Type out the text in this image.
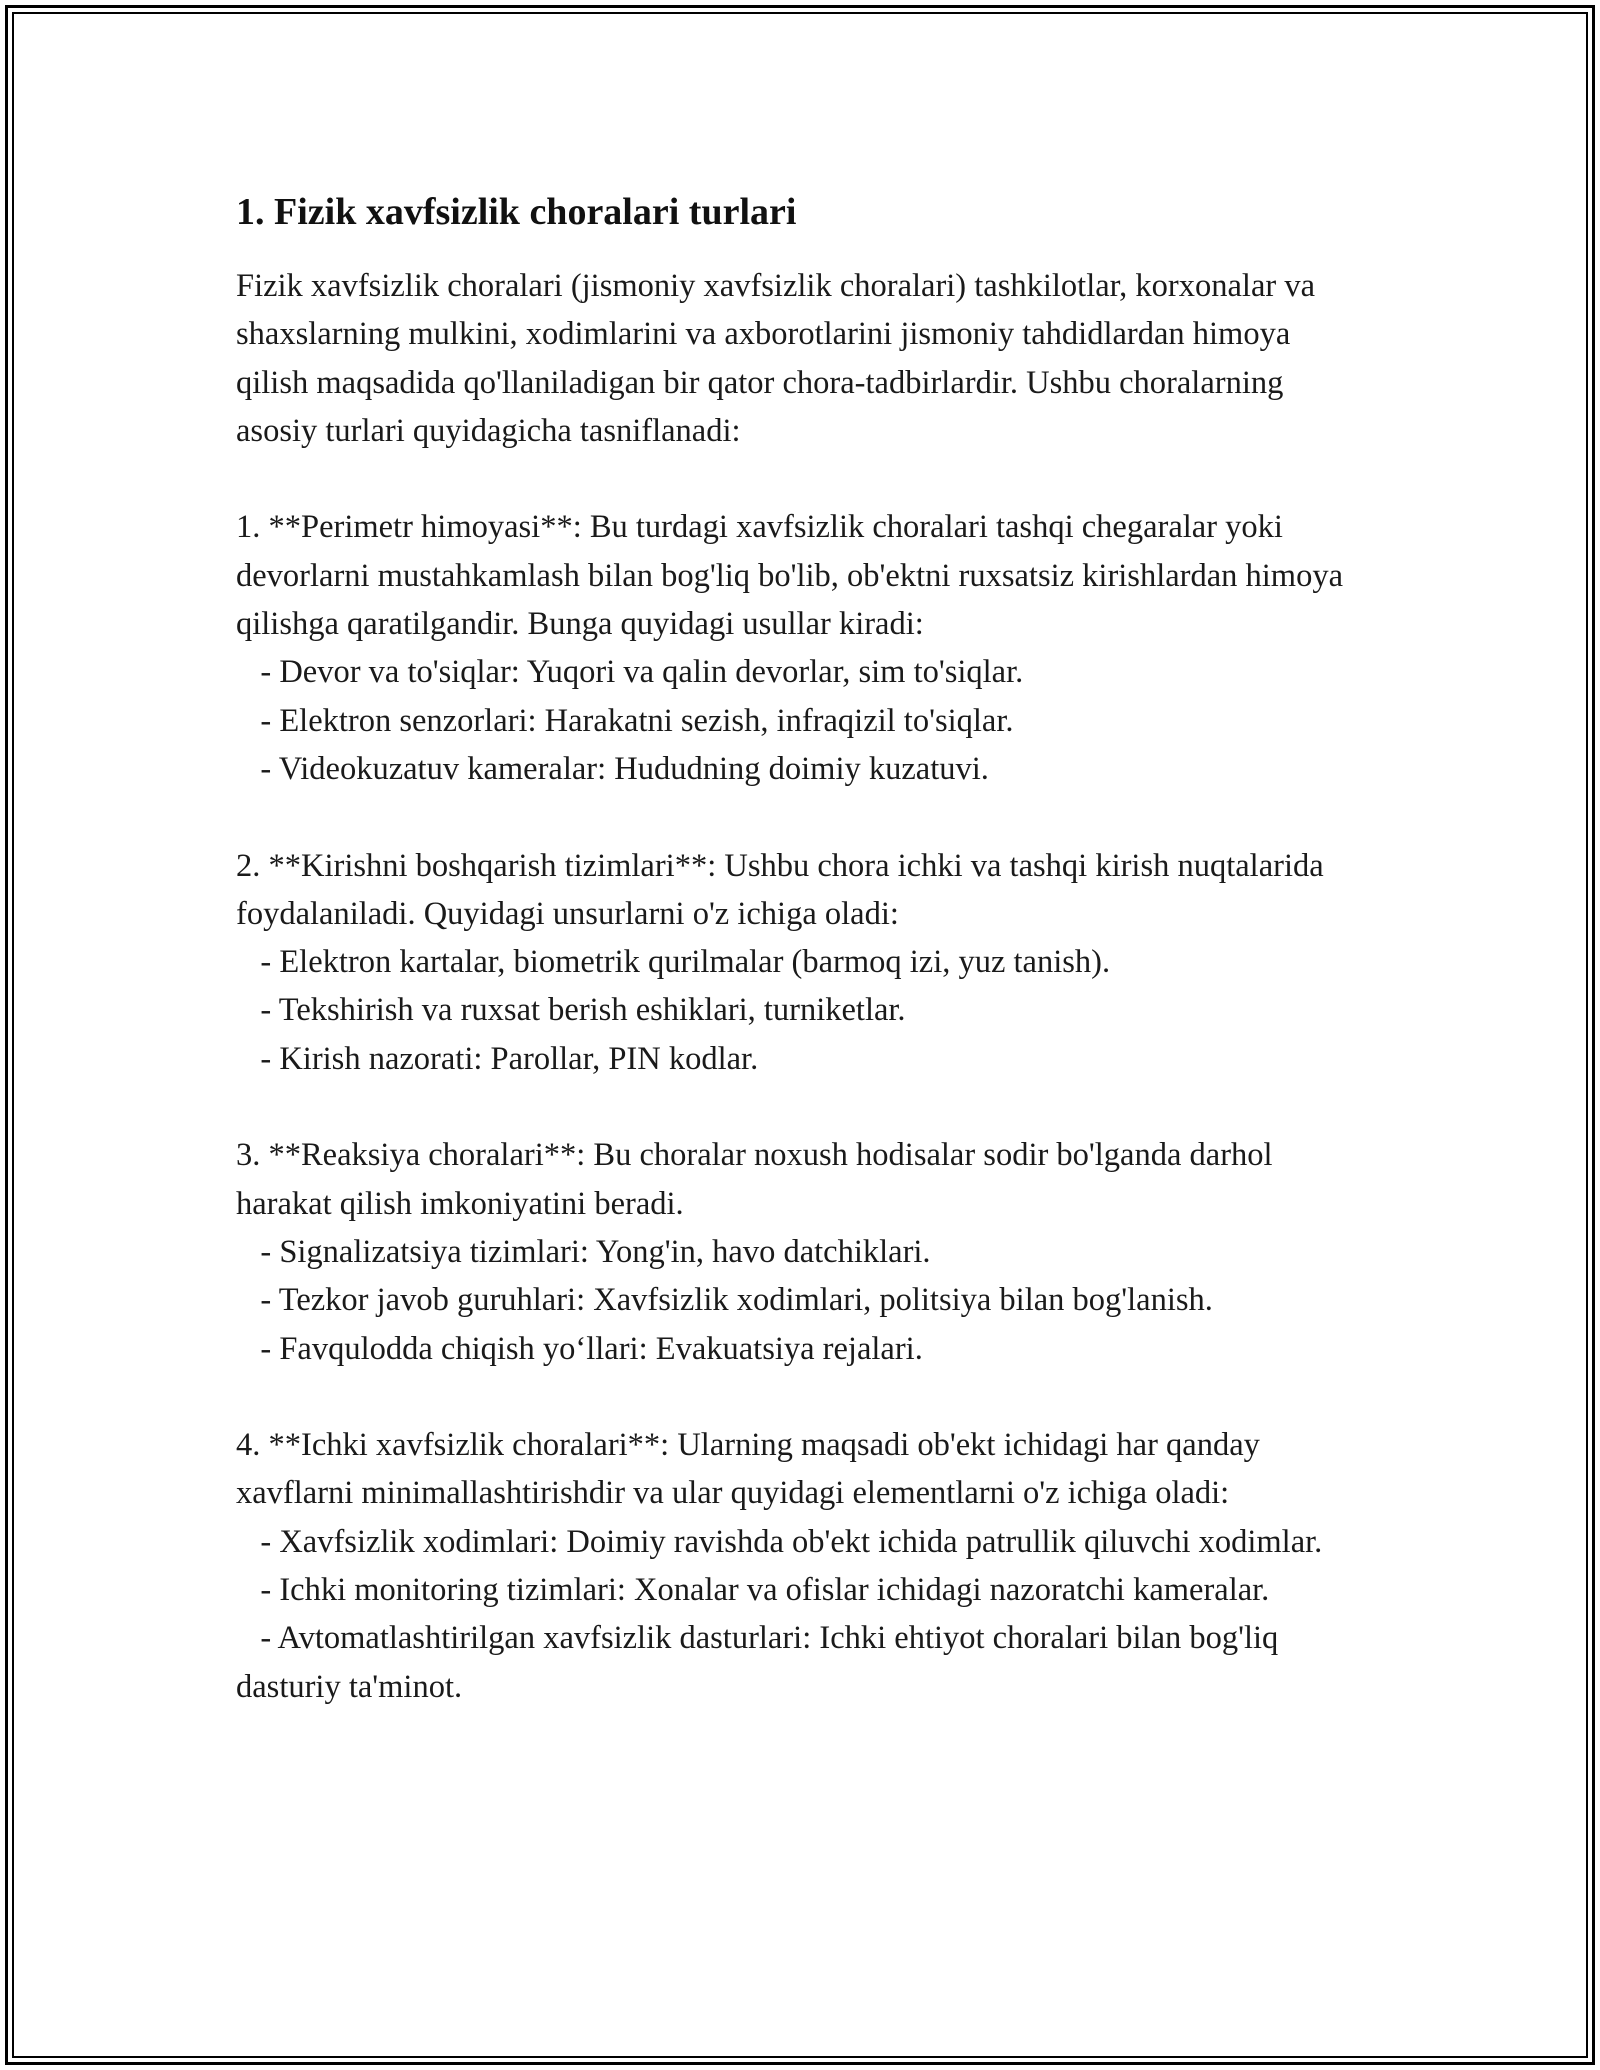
1. Fizik xavfsizlik choralari turlari

Fizik xavfsizlik choralari (jismoniy xavfsizlik choralari) tashkilotlar, korxonalar va shaxslarning mulkini, xodimlarini va axborotlarini jismoniy tahdidlardan himoya qilish maqsadida qo'llaniladigan bir qator chora-tadbirlardir. Ushbu choralarning asosiy turlari quyidagicha tasniflanadi:

1. **Perimetr himoyasi**: Bu turdagi xavfsizlik choralari tashqi chegaralar yoki devorlarni mustahkamlash bilan bog'liq bo'lib, ob'ektni ruxsatsiz kirishlardan himoya qilishga qaratilgandir. Bunga quyidagi usullar kiradi:

- Devor va to'siqlar: Yuqori va qalin devorlar, sim to'siqlar.

- Elektron senzorlari: Harakatni sezish, infraqizil to'siqlar.

- Videokuzatuv kameralar: Hududning doimiy kuzatuvi.

2. **Kirishni boshqarish tizimlari**: Ushbu chora ichki va tashqi kirish nuqtalarida foydalaniladi. Quyidagi unsurlarni o'z ichiga oladi:

- Elektron kartalar, biometrik qurilmalar (barmoq izi, yuz tanish).

- Tekshirish va ruxsat berish eshiklari, turniketlar.

- Kirish nazorati: Parollar, PIN kodlar.

3. **Reaksiya choralari**: Bu choralar noxush hodisalar sodir bo'lganda darhol harakat qilish imkoniyatini beradi.

- Signalizatsiya tizimlari: Yong'in, havo datchiklari.

- Tezkor javob guruhlari: Xavfsizlik xodimlari, politsiya bilan bog'lanish.

- Favqulodda chiqish yo‘llari: Evakuatsiya rejalari.

4. **Ichki xavfsizlik choralari**: Ularning maqsadi ob'ekt ichidagi har qanday xavflarni minimallashtirishdir va ular quyidagi elementlarni o'z ichiga oladi:

- Xavfsizlik xodimlari: Doimiy ravishda ob'ekt ichida patrullik qiluvchi xodimlar.

- Ichki monitoring tizimlari: Xonalar va ofislar ichidagi nazoratchi kameralar.

- Avtomatlashtirilgan xavfsizlik dasturlari: Ichki ehtiyot choralari bilan bog'liq dasturiy ta'minot.
